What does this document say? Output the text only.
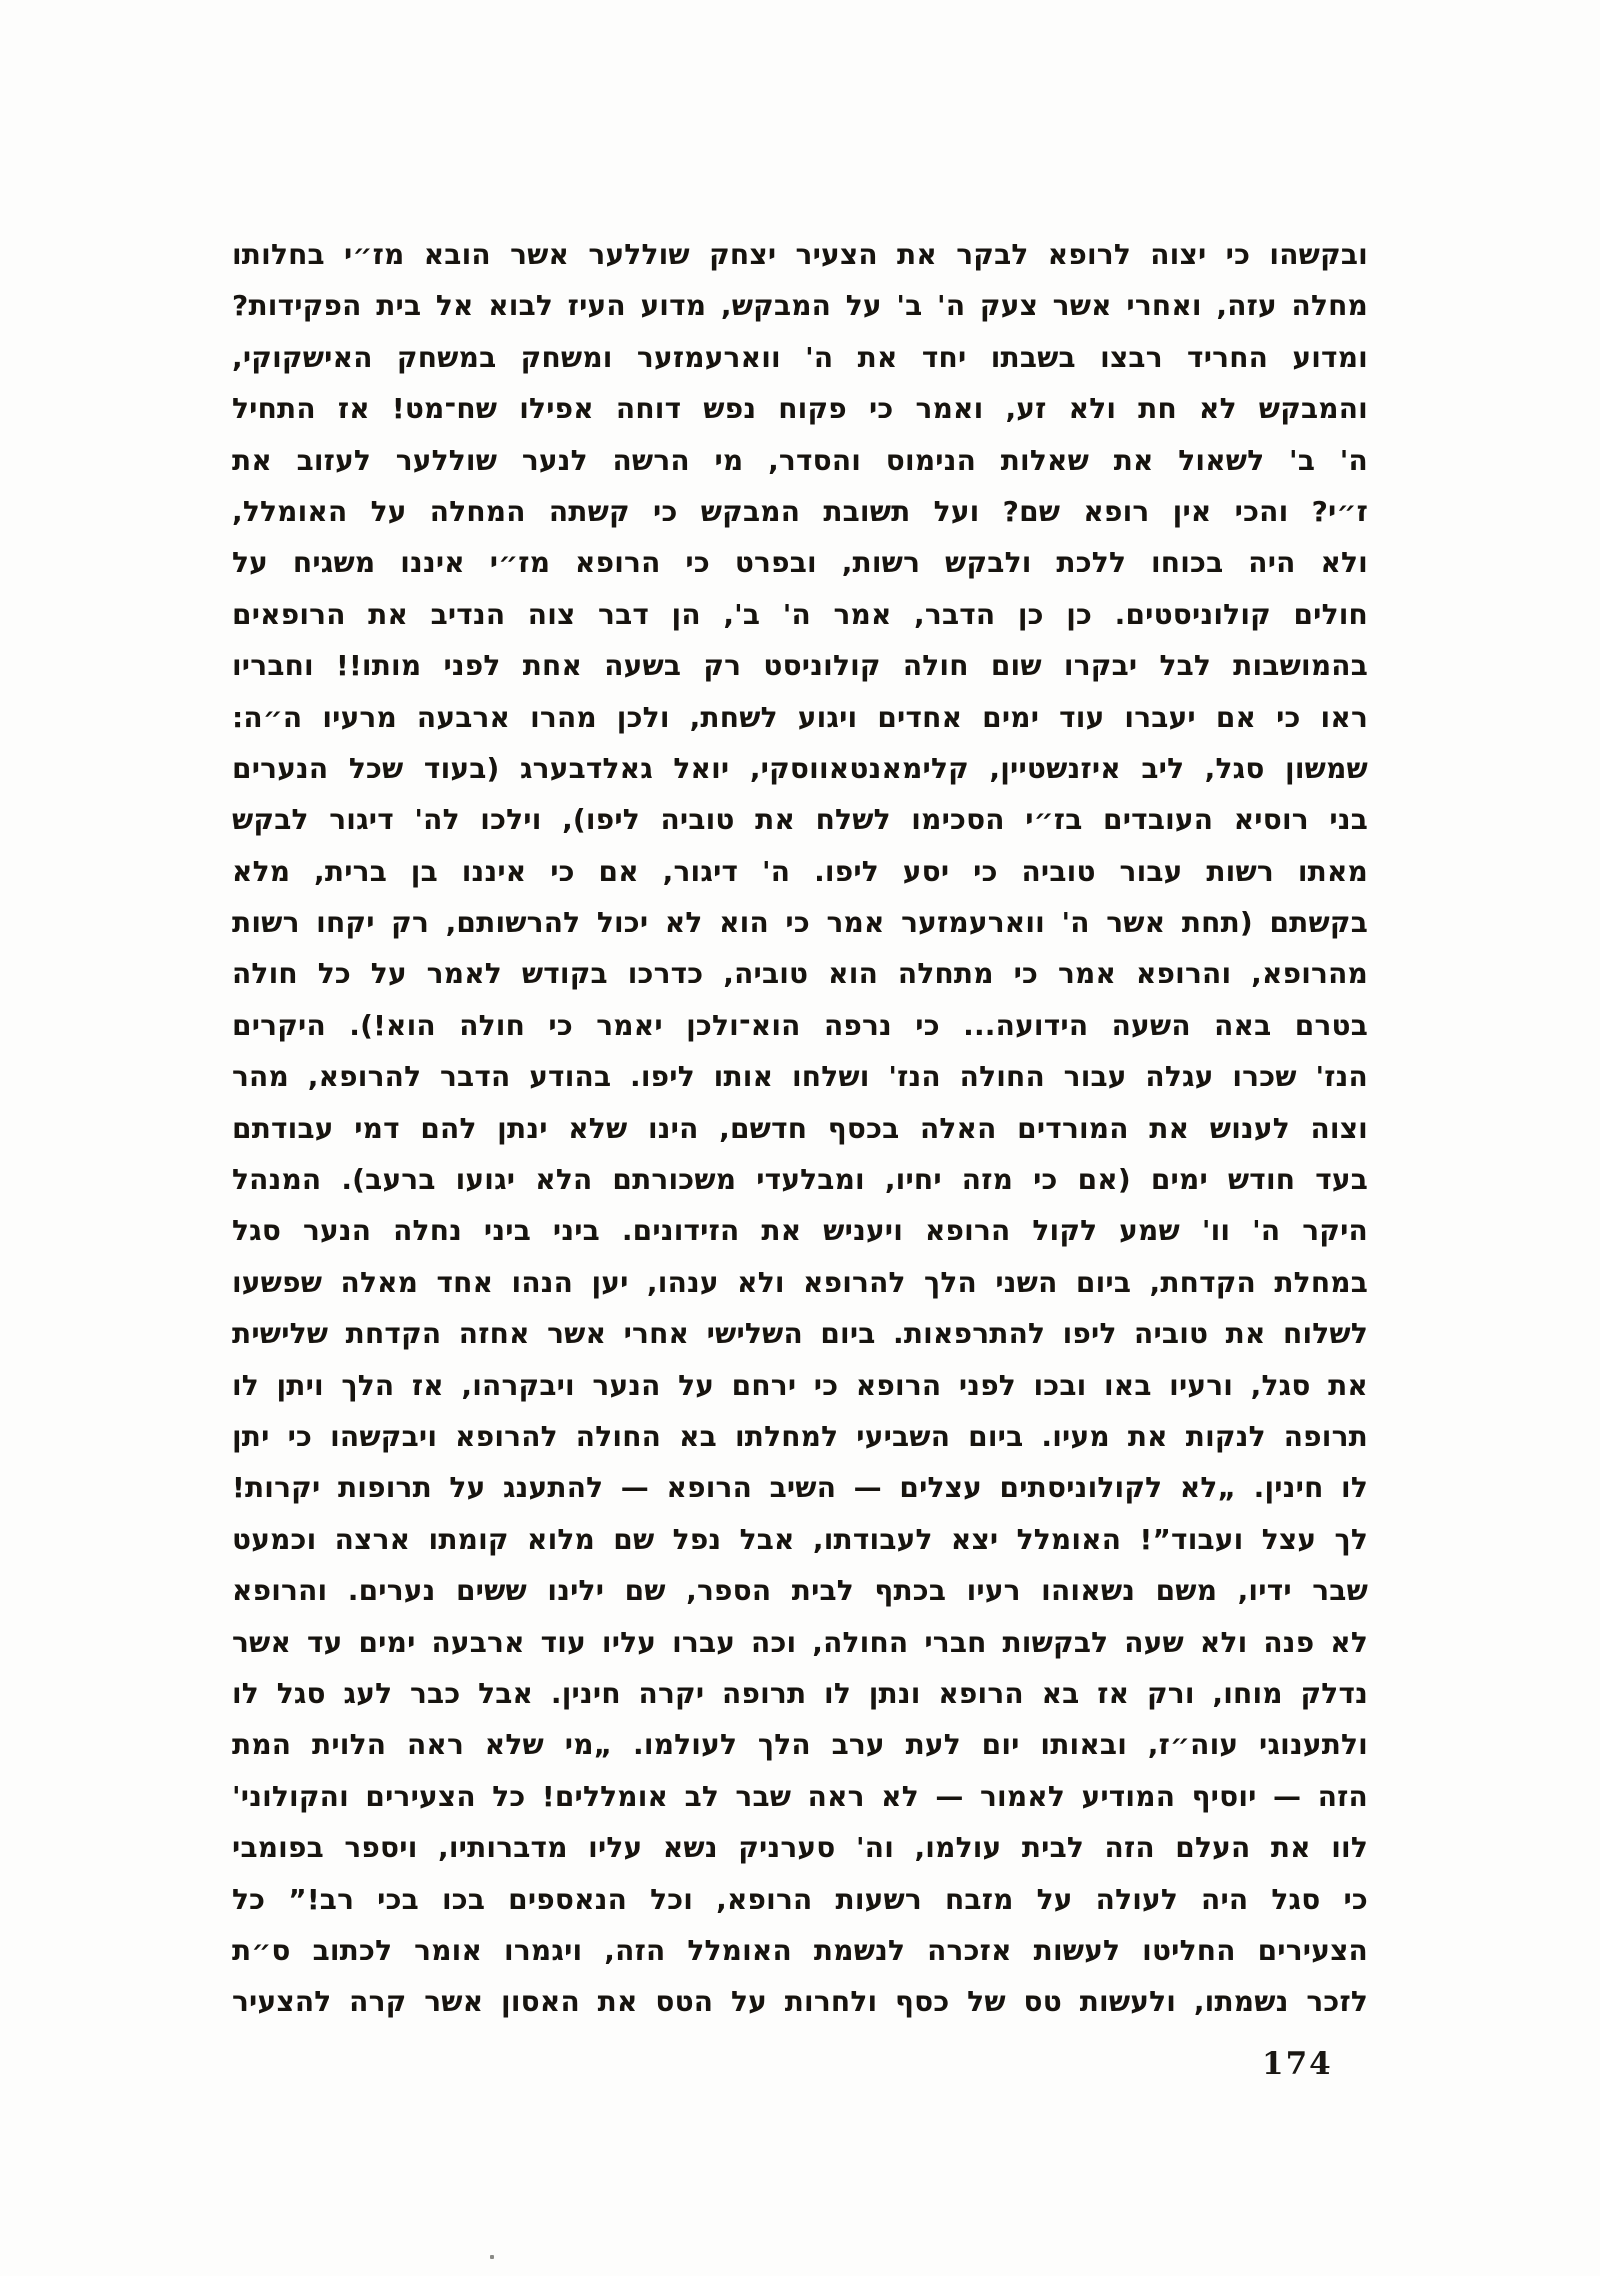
ובקשהו כי יצוה לרופא לבקר את הצעיר יצחק שוללער אשר הובא מז״י בחלותו
מחלה עזה, ואחרי אשר צעק ה' ב' על המבקש, מדוע העיז לבוא אל בית הפקידות?
ומדוע החריד רבצו בשבתו יחד את ה' ווארעמזער ומשחק במשחק האישקוקי,
והמבקש לא חת ולא זע, ואמר כי פקוח נפש דוחה אפילו שח־מט! אז התחיל
ה' ב' לשאול את שאלות הנימוס והסדר, מי הרשה לנער שוללער לעזוב את
ז״י? והכי אין רופא שם? ועל תשובת המבקש כי קשתה המחלה על האומלל,
ולא היה בכוחו ללכת ולבקש רשות, ובפרט כי הרופא מז״י איננו משגיח על
חולים קולוניסטים. כן כן הדבר, אמר ה' ב', הן דבר צוה הנדיב את הרופאים
בהמושבות לבל יבקרו שום חולה קולוניסט רק בשעה אחת לפני מותו!! וחבריו
ראו כי אם יעברו עוד ימים אחדים ויגוע לשחת, ולכן מהרו ארבעה מרעיו ה״ה:
שמשון סגל, ליב איזנשטיין, קלימאנטאווסקי, יואל גאלדבערג (בעוד שכל הנערים
בני רוסיא העובדים בז״י הסכימו לשלח את טוביה ליפו), וילכו לה' דיגור לבקש
מאתו רשות עבור טוביה כי יסע ליפו. ה' דיגור, אם כי איננו בן ברית, מלא
בקשתם (תחת אשר ה' ווארעמזער אמר כי הוא לא יכול להרשותם, רק יקחו רשות
מהרופא, והרופא אמר כי מתחלה הוא טוביה, כדרכו בקודש לאמר על כל חולה
בטרם באה השעה הידועה... כי נרפה הוא־ולכן יאמר כי חולה הוא!). היקרים
הנז' שכרו עגלה עבור החולה הנז' ושלחו אותו ליפו. בהודע הדבר להרופא, מהר
וצוה לענוש את המורדים האלה בכסף חדשם, הינו שלא ינתן להם דמי עבודתם
בעד חודש ימים (אם כי מזה יחיו, ומבלעדי משכורתם הלא יגועו ברעב). המנהל
היקר ה' וו' שמע לקול הרופא ויעניש את הזידונים. ביני ביני נחלה הנער סגל
במחלת הקדחת, ביום השני הלך להרופא ולא ענהו, יען הנהו אחד מאלה שפשעו
לשלוח את טוביה ליפו להתרפאות. ביום השלישי אחרי אשר אחזה הקדחת שלישית
את סגל, ורעיו באו ובכו לפני הרופא כי ירחם על הנער ויבקרהו, אז הלך ויתן לו
תרופה לנקות את מעיו. ביום השביעי למחלתו בא החולה להרופא ויבקשהו כי יתן
לו חינין. „לא לקולוניסתים עצלים — השיב הרופא — להתענג על תרופות יקרות!
לך עצל ועבוד”! האומלל יצא לעבודתו, אבל נפל שם מלוא קומתו ארצה וכמעט
שבר ידיו, משם נשאוהו רעיו בכתף לבית הספר, שם ילינו ששים נערים. והרופא
לא פנה ולא שעה לבקשות חברי החולה, וכה עברו עליו עוד ארבעה ימים עד אשר
נדלק מוחו, ורק אז בא הרופא ונתן לו תרופה יקרה חינין. אבל כבר לעג סגל לו
ולתענוגי עוה״ז, ובאותו יום לעת ערב הלך לעולמו. „מי שלא ראה הלוית המת
הזה — יוסיף המודיע לאמור — לא ראה שבר לב אומללים! כל הצעירים והקולוני'
לוו את העלם הזה לבית עולמו, וה' סערניק נשא עליו מדברותיו, ויספר בפומבי
כי סגל היה לעולה על מזבח רשעות הרופא, וכל הנאספים בכו בכי רב!” כל
הצעירים החליטו לעשות אזכרה לנשמת האומלל הזה, ויגמרו אומר לכתוב ס״ת
לזכר נשמתו, ולעשות טס של כסף ולחרות על הטס את האסון אשר קרה להצעיר
174
